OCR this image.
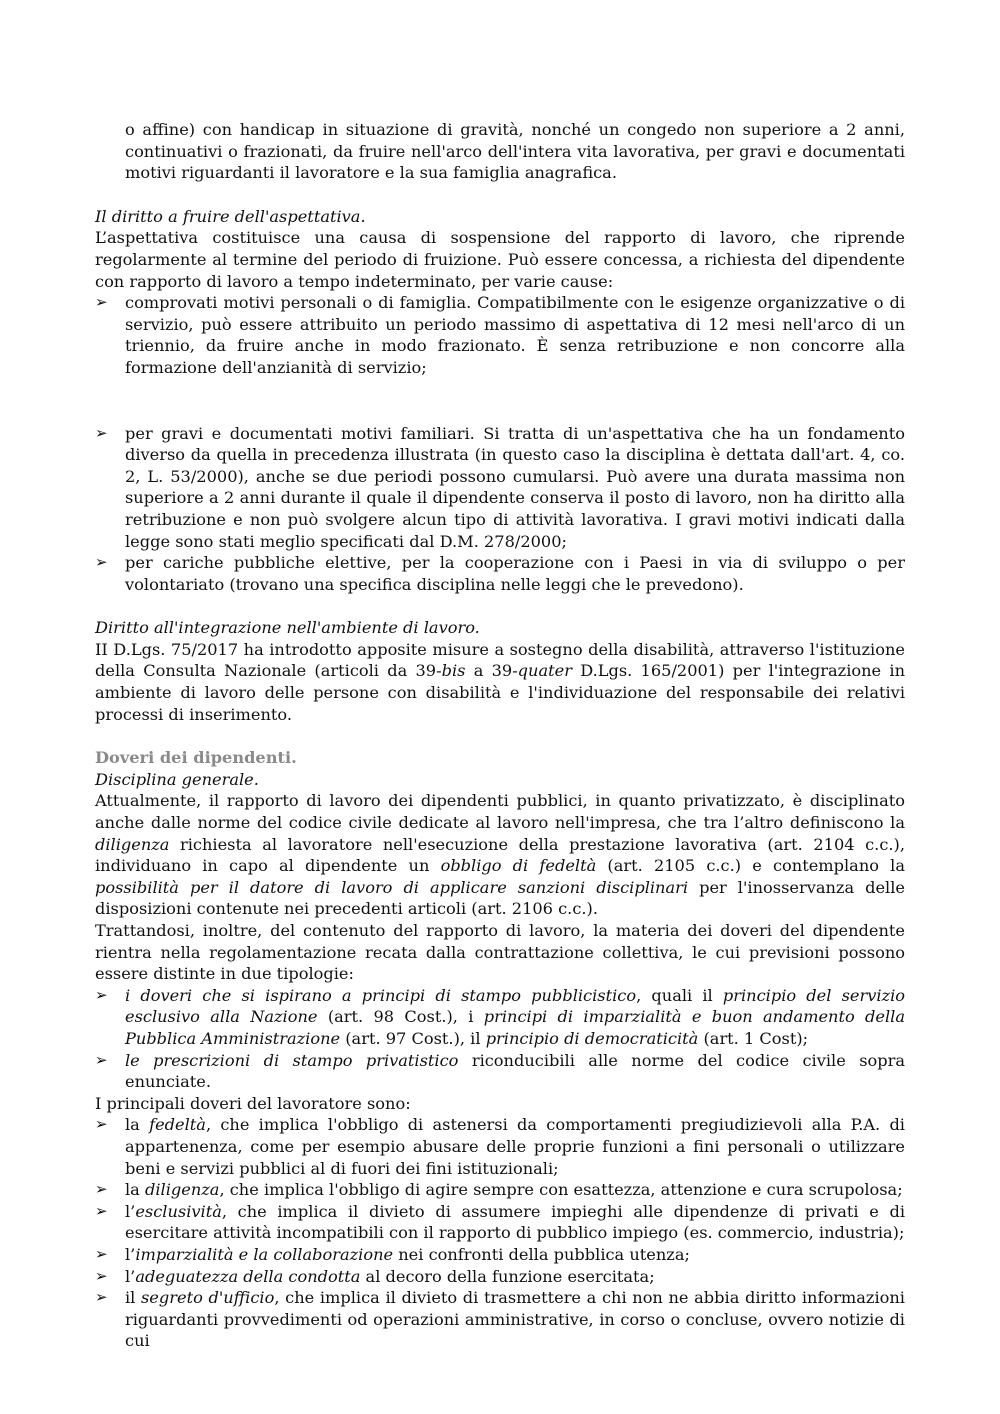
o affine) con handicap in situazione di gravità, nonché un congedo non superiore a 2 anni, continuativi o frazionati, da fruire nell'arco dell'intera vita lavorativa, per gravi e documentati motivi riguardanti il lavoratore e la sua famiglia anagrafica.

Il diritto a fruire dell'aspettativa.

L’aspettativa costituisce una causa di sospensione del rapporto di lavoro, che riprende regolarmente al termine del periodo di fruizione. Può essere concessa, a richiesta del dipendente con rapporto di lavoro a tempo indeterminato, per varie cause:

➢	comprovati motivi personali o di famiglia. Compatibilmente con le esigenze organizzative o di servizio, può essere attribuito un periodo massimo di aspettativa di 12 mesi nell'arco di un triennio, da fruire anche in modo frazionato. È senza retribuzione e non concorre alla formazione dell'anzianità di servizio;
➢	per gravi e documentati motivi familiari. Si tratta di un'aspettativa che ha un fondamento diverso da quella in precedenza illustrata (in questo caso la disciplina è dettata dall'art. 4, co. 2, L. 53/2000), anche se due periodi possono cumularsi. Può avere una durata massima non superiore a 2 anni durante il quale il dipendente conserva il posto di lavoro, non ha diritto alla retribuzione e non può svolgere alcun tipo di attività lavorativa. I gravi motivi indicati dalla legge sono stati meglio specificati dal D.M. 278/2000;
➢	per cariche pubbliche elettive, per la cooperazione con i Paesi in via di sviluppo o per volontariato (trovano una specifica disciplina nelle leggi che le prevedono).

Diritto all'integrazione nell'ambiente di lavoro.

II D.Lgs. 75/2017 ha introdotto apposite misure a sostegno della disabilità, attraverso l'istituzione della Consulta Nazionale (articoli da 39-bis a 39-quater D.Lgs. 165/2001) per l'integrazione in ambiente di lavoro delle persone con disabilità e l'individuazione del responsabile dei relativi processi di inserimento.

Doveri dei dipendenti.

Disciplina generale.

Attualmente, il rapporto di lavoro dei dipendenti pubblici, in quanto privatizzato, è disciplinato anche dalle norme del codice civile dedicate al lavoro nell'impresa, che tra l’altro definiscono la diligenza richiesta al lavoratore nell'esecuzione della prestazione lavorativa (art. 2104 c.c.), individuano in capo al dipendente un obbligo di fedeltà (art. 2105 c.c.) e contemplano la possibilità per il datore di lavoro di applicare sanzioni disciplinari per l'inosservanza delle disposizioni contenute nei precedenti articoli (art. 2106 c.c.).

Trattandosi, inoltre, del contenuto del rapporto di lavoro, la materia dei doveri del dipendente rientra nella regolamentazione recata dalla contrattazione collettiva, le cui previsioni possono essere distinte in due tipologie:

➢	i doveri che si ispirano a principi di stampo pubblicistico, quali il principio del servizio esclusivo alla Nazione (art. 98 Cost.), i principi di imparzialità e buon andamento della Pubblica Amministrazione (art. 97 Cost.), il principio di democraticità (art. 1 Cost);
➢	le prescrizioni di stampo privatistico riconducibili alle norme del codice civile sopra enunciate.

I principali doveri del lavoratore sono:

➢	la fedeltà, che implica l'obbligo di astenersi da comportamenti pregiudizievoli alla P.A. di appartenenza, come per esempio abusare delle proprie funzioni a fini personali o utilizzare beni e servizi pubblici al di fuori dei fini istituzionali;
➢	la diligenza, che implica l'obbligo di agire sempre con esattezza, attenzione e cura scrupolosa;
➢	l’esclusività, che implica il divieto di assumere impieghi alle dipendenze di privati e di esercitare attività incompatibili con il rapporto di pubblico impiego (es. commercio, industria);
➢	l’imparzialità e la collaborazione nei confronti della pubblica utenza;
➢	l’adeguatezza della condotta al decoro della funzione esercitata;
➢	il segreto d'ufficio, che implica il divieto di trasmettere a chi non ne abbia diritto informazioni riguardanti provvedimenti od operazioni amministrative, in corso o concluse, ovvero notizie di cui
